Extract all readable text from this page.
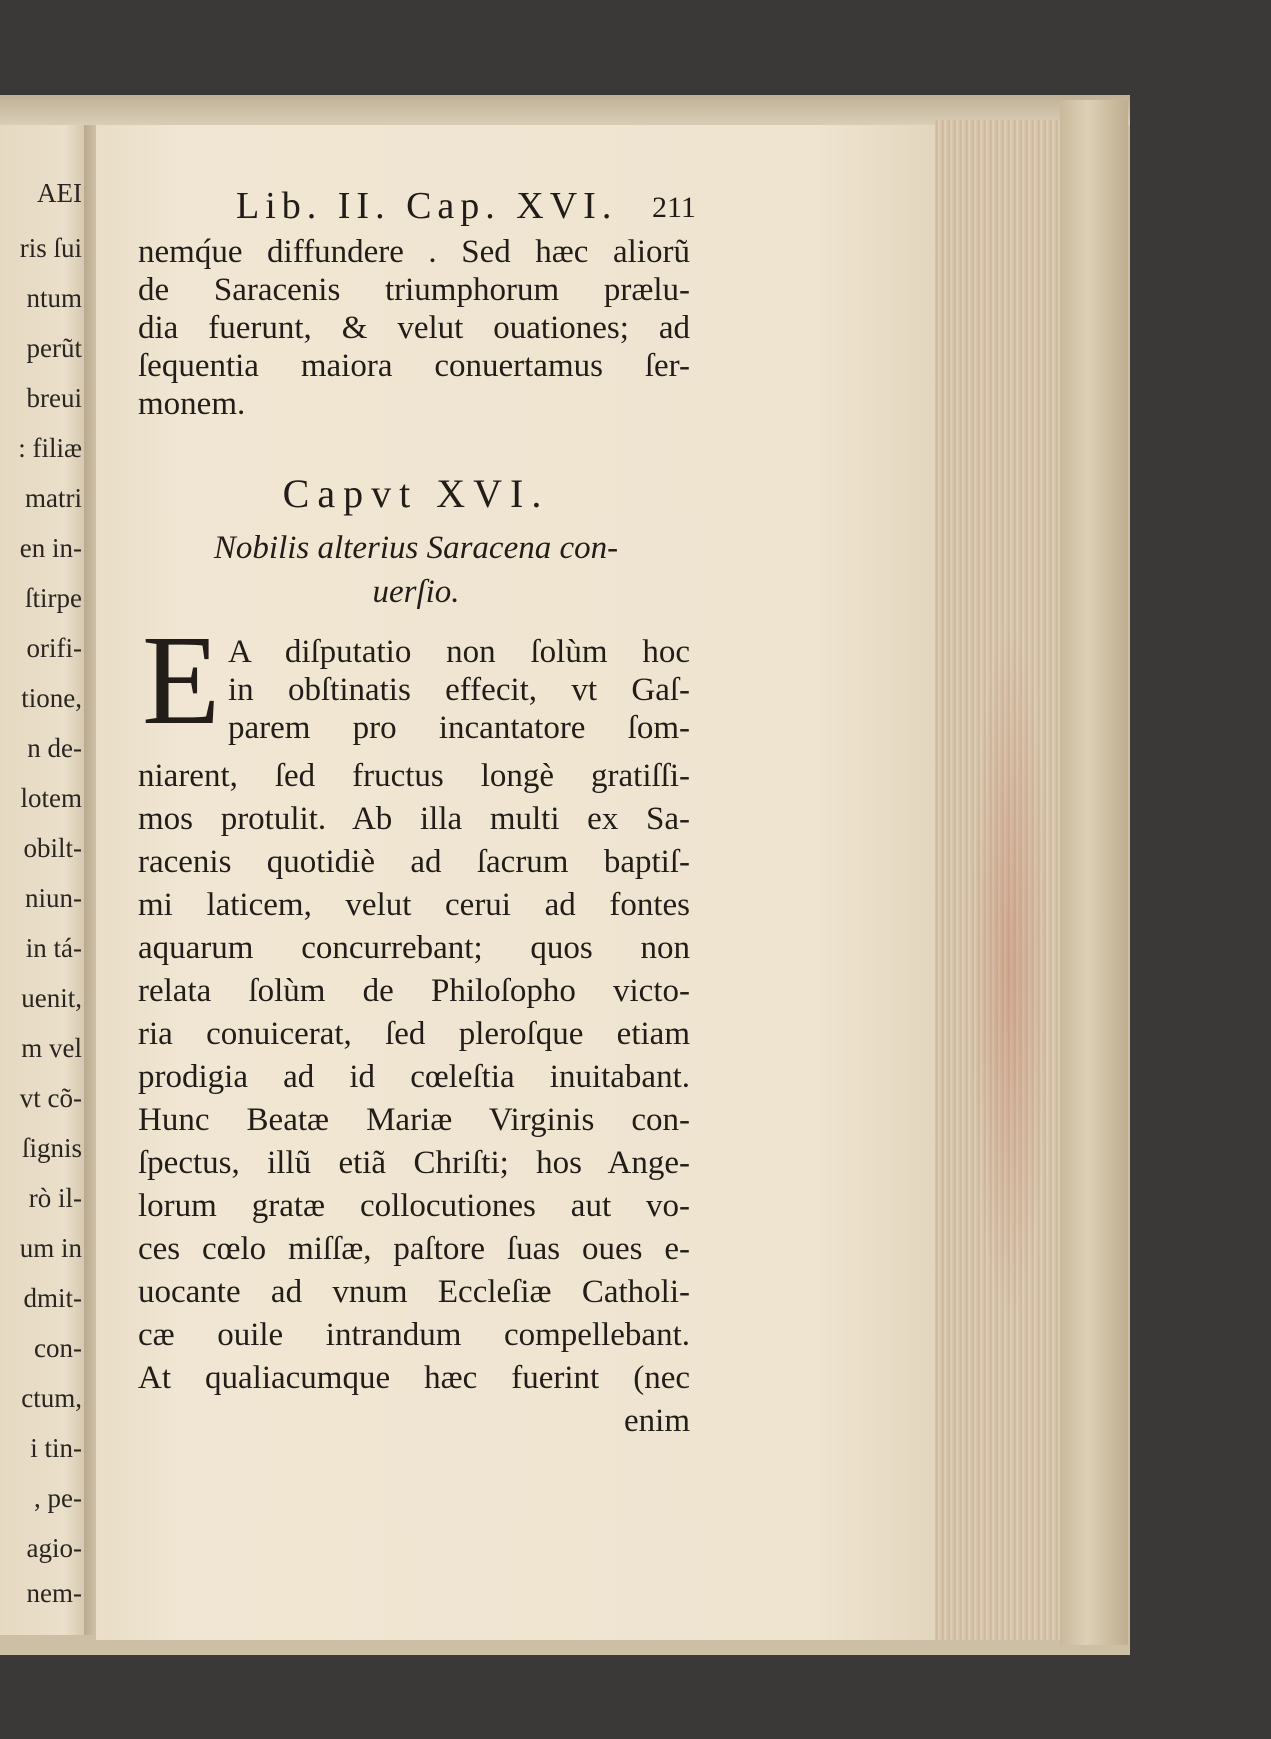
AEI
ris ſui
ntum
perũt
breui
: filiæ
matri
en in-
ſtirpe
orifi-
tione,
n de-
lotem
obilt-
niun-
in tá-
uenit,
m vel
vt cõ-
ſignis
rò il-
um in
dmit-
con-
ctum,
i tin-
, pe-
agio-
nem-
Lib. II. Cap. XVI.	211
nemq́ue diffundere . Sed hæc aliorũ
de Saracenis triumphorum prælu-
dia fuerunt, & velut ouationes; ad
ſequentia maiora conuertamus ſer-
monem.
Capvt XVI.
Nobilis alterius Saracena con-
uerſio.
E A diſputatio non ſolùm hoc
in obſtinatis effecit, vt Gaſ-
parem pro incantatore ſom-
niarent, ſed fructus longè gratiſſi-
mos protulit. Ab illa multi ex Sa-
racenis quotidiè ad ſacrum baptiſ-
mi laticem, velut cerui ad fontes
aquarum concurrebant; quos non
relata ſolùm de Philoſopho victo-
ria conuicerat, ſed pleroſque etiam
prodigia ad id cœleſtia inuitabant.
Hunc Beatæ Mariæ Virginis con-
ſpectus, illũ etiã Chriſti; hos Ange-
lorum gratæ collocutiones aut vo-
ces cœlo miſſæ, paſtore ſuas oues e-
uocante ad vnum Eccleſiæ Catholi-
cæ ouile intrandum compellebant.
At qualiacumque hæc fuerint (nec
enim
